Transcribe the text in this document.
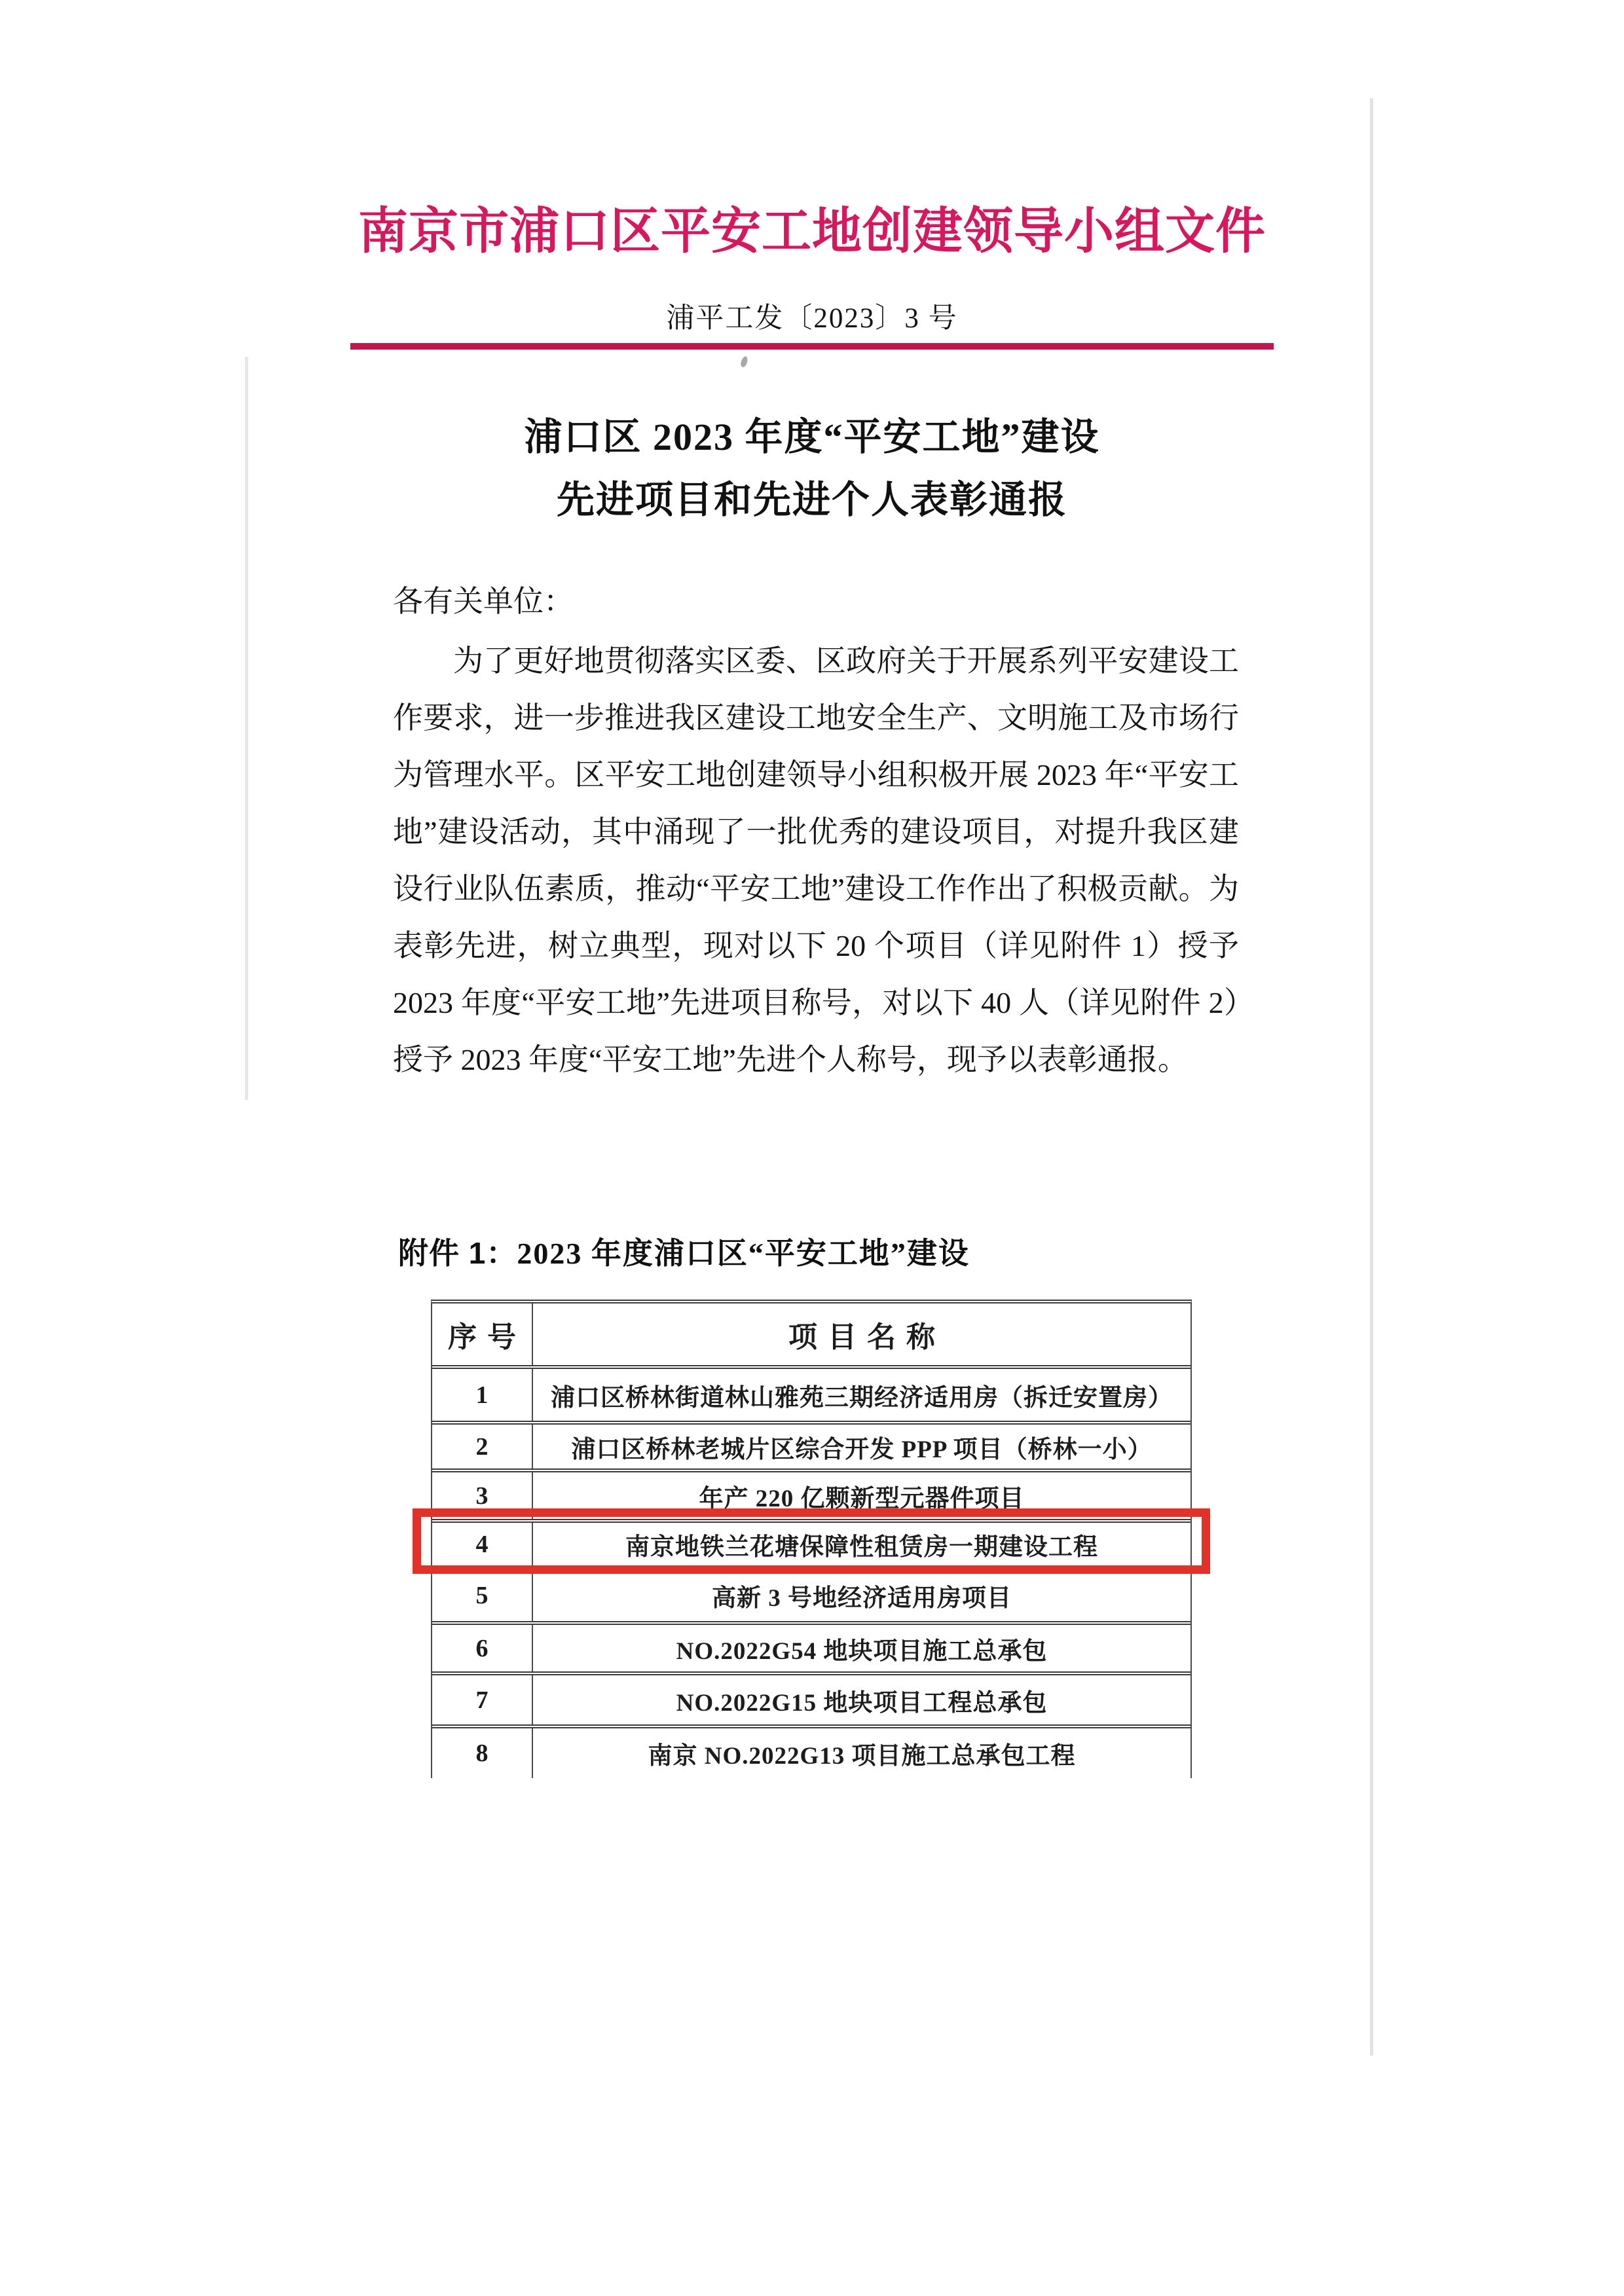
南京市浦口区平安工地创建领导小组文件
浦平工发〔2023〕3 号
浦口区 2023 年度“平安工地”建设
先进项目和先进个人表彰通报
各有关单位：
为了更好地贯彻落实区委、区政府关于开展系列平安建设工作要求，进一步推进我区建设工地安全生产、文明施工及市场行为管理水平。区平安工地创建领导小组积极开展 2023 年“平安工地”建设活动，其中涌现了一批优秀的建设项目，对提升我区建设行业队伍素质，推动“平安工地”建设工作作出了积极贡献。为表彰先进，树立典型，现对以下 20 个项目（详见附件 1）授予 2023 年度“平安工地”先进项目称号，对以下 40 人（详见附件 2）授予 2023 年度“平安工地”先进个人称号，现予以表彰通报。
附件 1：2023 年度浦口区“平安工地”建设
序号	项目名称
1	浦口区桥林街道林山雅苑三期经济适用房（拆迁安置房）
2	浦口区桥林老城片区综合开发 PPP 项目（桥林一小）
3	年产 220 亿颗新型元器件项目
4	南京地铁兰花塘保障性租赁房一期建设工程
5	高新 3 号地经济适用房项目
6	NO.2022G54 地块项目施工总承包
7	NO.2022G15 地块项目工程总承包
8	南京 NO.2022G13 项目施工总承包工程
